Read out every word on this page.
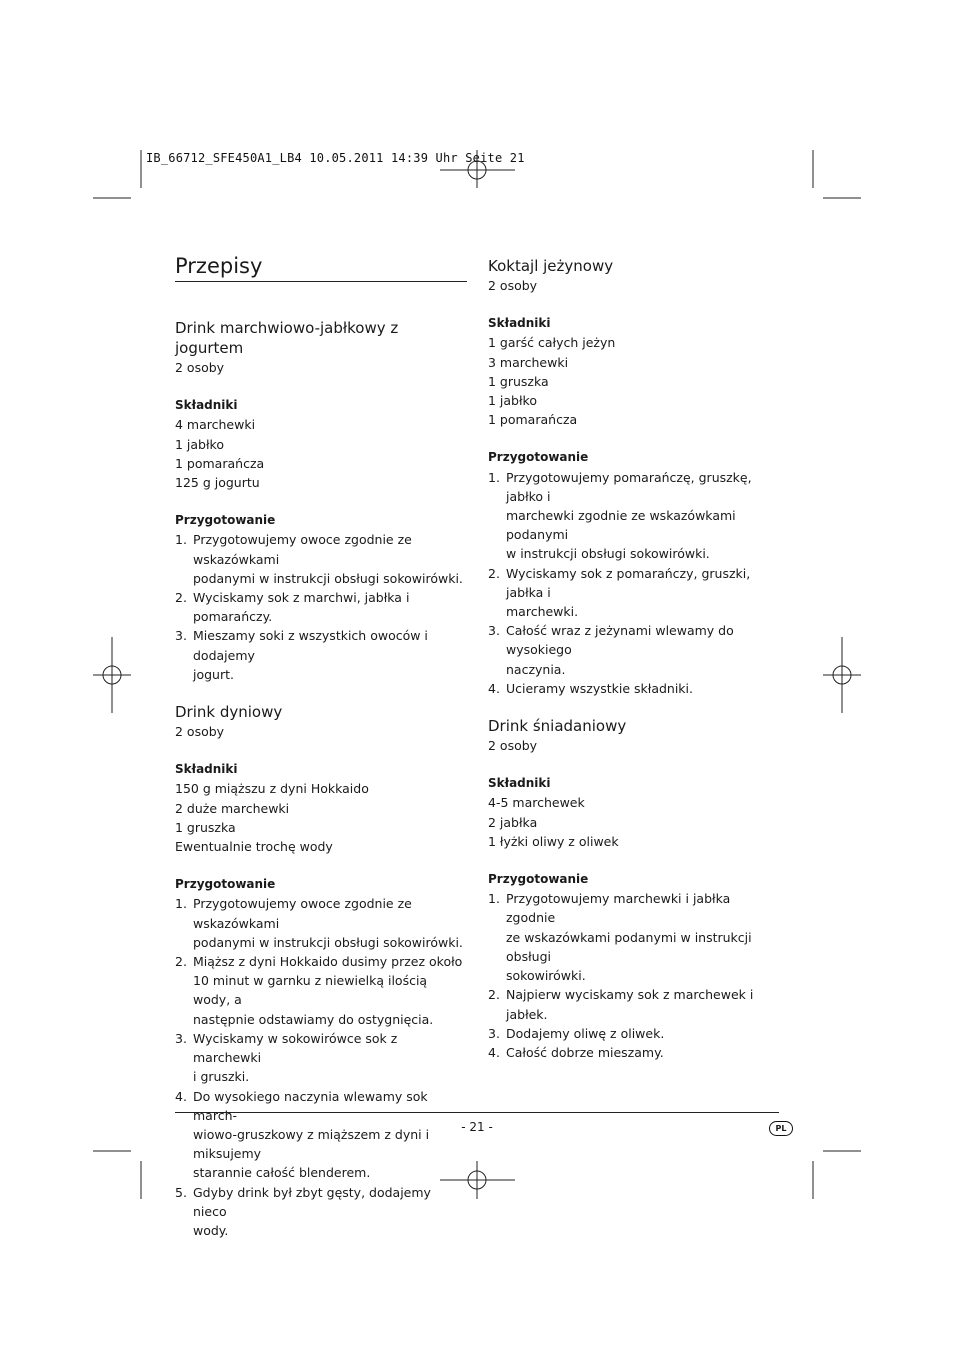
IB_66712_SFE450A1_LB4 10.05.2011 14:39 Uhr Seite 21
Przepisy
Drink marchwiowo-jabłkowy z jogurtem

2 osoby

Składniki

4 marchewki
1 jabłko
1 pomarańcza
125 g jogurtu

Przygotowanie

1. Przygotowujemy owoce zgodnie ze wskazówkami
podanymi w instrukcji obsługi sokowirówki.
2. Wyciskamy sok z marchwi, jabłka i pomarańczy.
3. Mieszamy soki z wszystkich owoców i dodajemy
jogurt.
Drink dyniowy

2 osoby

Składniki

150 g miąższu z dyni Hokkaido
2 duże marchewki
1 gruszka
Ewentualnie trochę wody

Przygotowanie

1. Przygotowujemy owoce zgodnie ze wskazówkami
podanymi w instrukcji obsługi sokowirówki.
2. Miąższ z dyni Hokkaido dusimy przez około
10 minut w garnku z niewielką ilością wody, a
następnie odstawiamy do ostygnięcia.
3. Wyciskamy w sokowirówce sok z marchewki
i gruszki.
4. Do wysokiego naczynia wlewamy sok march-
wiowo-gruszkowy z miąższem z dyni i miksujemy
starannie całość blenderem.
5. Gdyby drink był zbyt gęsty, dodajemy nieco
wody.
Koktajl jeżynowy

2 osoby

Składniki

1 garść całych jeżyn
3 marchewki
1 gruszka
1 jabłko
1 pomarańcza

Przygotowanie

1. Przygotowujemy pomarańczę, gruszkę, jabłko i
marchewki zgodnie ze wskazówkami podanymi
w instrukcji obsługi sokowirówki.
2. Wyciskamy sok z pomarańczy, gruszki, jabłka i
marchewki.
3. Całość wraz z jeżynami wlewamy do wysokiego
naczynia.
4. Ucieramy wszystkie składniki.
Drink śniadaniowy

2 osoby

Składniki

4-5 marchewek
2 jabłka
1 łyżki oliwy z oliwek

Przygotowanie

1. Przygotowujemy marchewki i jabłka zgodnie
ze wskazówkami podanymi w instrukcji obsługi
sokowirówki.
2. Najpierw wyciskamy sok z marchewek i jabłek.
3. Dodajemy oliwę z oliwek.
4. Całość dobrze mieszamy.
- 21 -	PL
